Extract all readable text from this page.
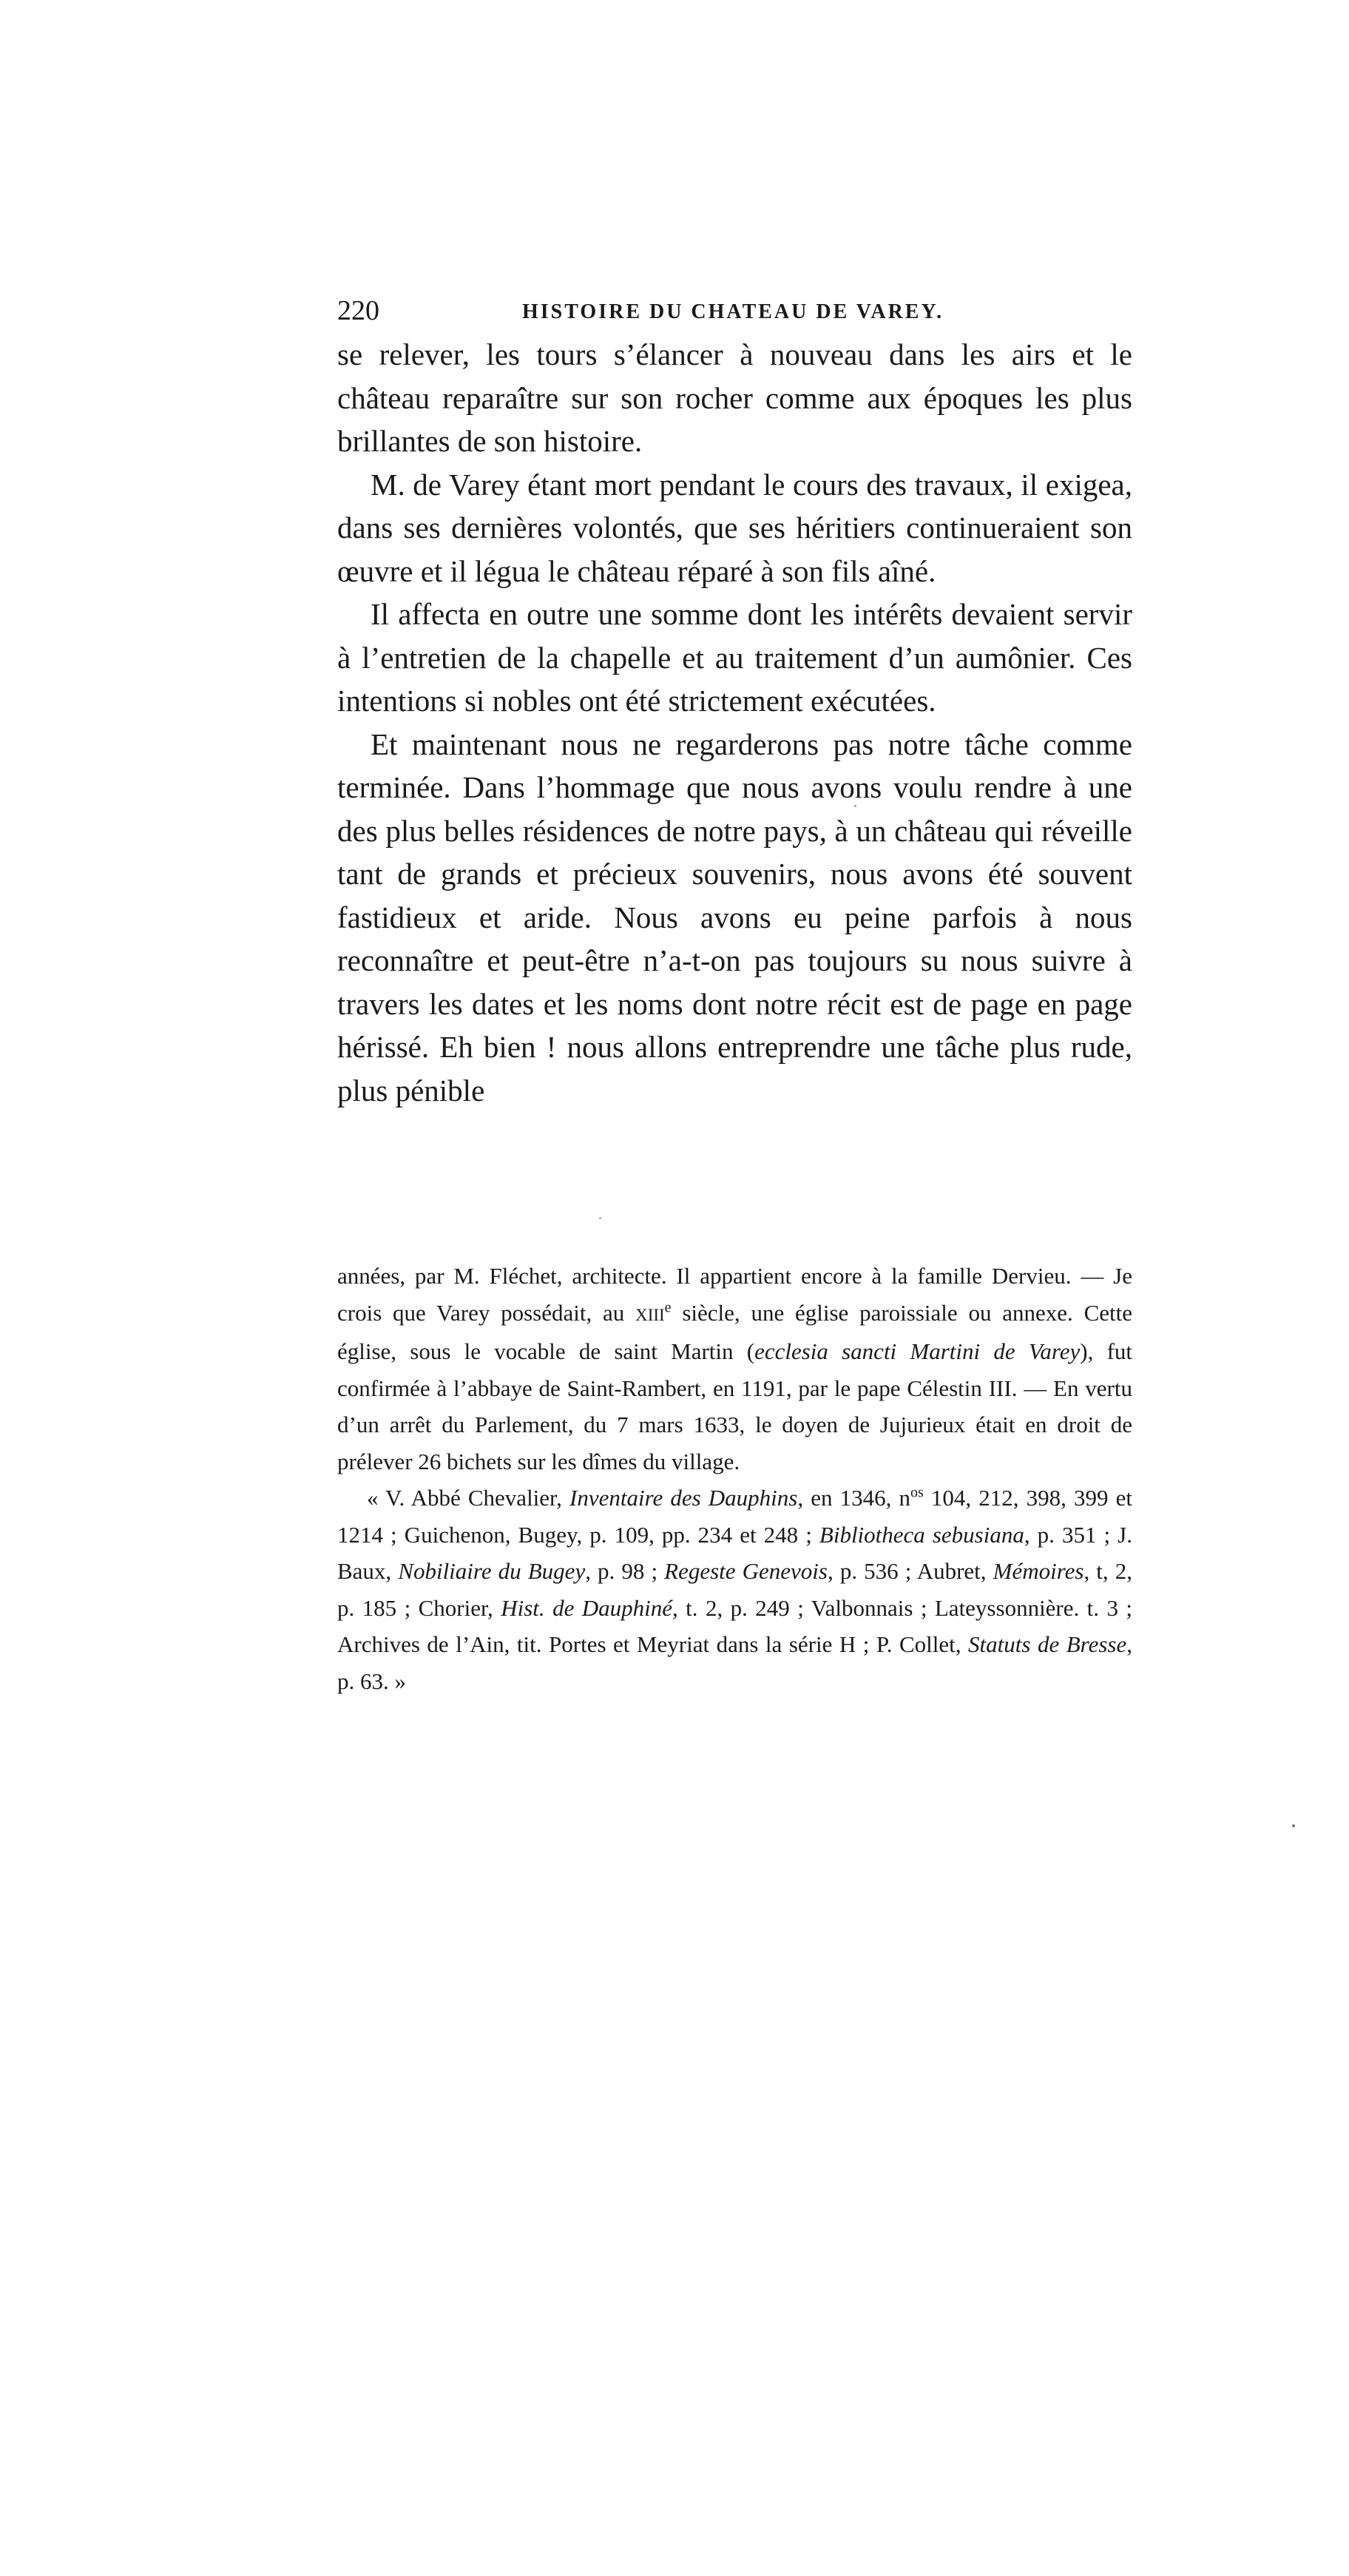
220	HISTOIRE DU CHATEAU DE VAREY.

se relever, les tours s’élancer à nouveau dans les airs et le château reparaître sur son rocher comme aux époques les plus brillantes de son histoire.

M. de Varey étant mort pendant le cours des travaux, il exigea, dans ses dernières volontés, que ses héritiers continueraient son œuvre et il légua le château réparé à son fils aîné.

Il affecta en outre une somme dont les intérêts devaient servir à l’entretien de la chapelle et au traitement d’un aumônier. Ces intentions si nobles ont été strictement exécutées.

Et maintenant nous ne regarderons pas notre tâche comme terminée. Dans l’hommage que nous avons voulu rendre à une des plus belles résidences de notre pays, à un château qui réveille tant de grands et précieux souvenirs, nous avons été souvent fastidieux et aride. Nous avons eu peine parfois à nous reconnaître et peut-être n’a-t-on pas toujours su nous suivre à travers les dates et les noms dont notre récit est de page en page hérissé. Eh bien ! nous allons entreprendre une tâche plus rude, plus pénible

années, par M. Fléchet, architecte. Il appartient encore à la famille Dervieu. — Je crois que Varey possédait, au XIIIe siècle, une église paroissiale ou annexe. Cette église, sous le vocable de saint Martin (ecclesia sancti Martini de Varey), fut confirmée à l’abbaye de Saint-Rambert, en 1191, par le pape Célestin III. — En vertu d’un arrêt du Parlement, du 7 mars 1633, le doyen de Jujurieux était en droit de prélever 26 bichets sur les dîmes du village.

« V. Abbé Chevalier, Inventaire des Dauphins, en 1346, $n^{os}$ 104, 212, 398, 399 et 1214 ; Guichenon, Bugey, p. 109, pp. 234 et 248 ; Bibliotheca sebusiana, p. 351 ; J. Baux, Nobiliaire du Bugey, p. 98 ; Regeste Genevois, p. 536 ; Aubret, Mémoires, t, 2, p. 185 ; Chorier, Hist. de Dauphiné, t. 2, p. 249 ; Valbonnais ; Lateyssonnière. t. 3 ; Archives de l’Ain, tit. Portes et Meyriat dans la série H ; P. Collet, Statuts de Bresse, p. 63. »
